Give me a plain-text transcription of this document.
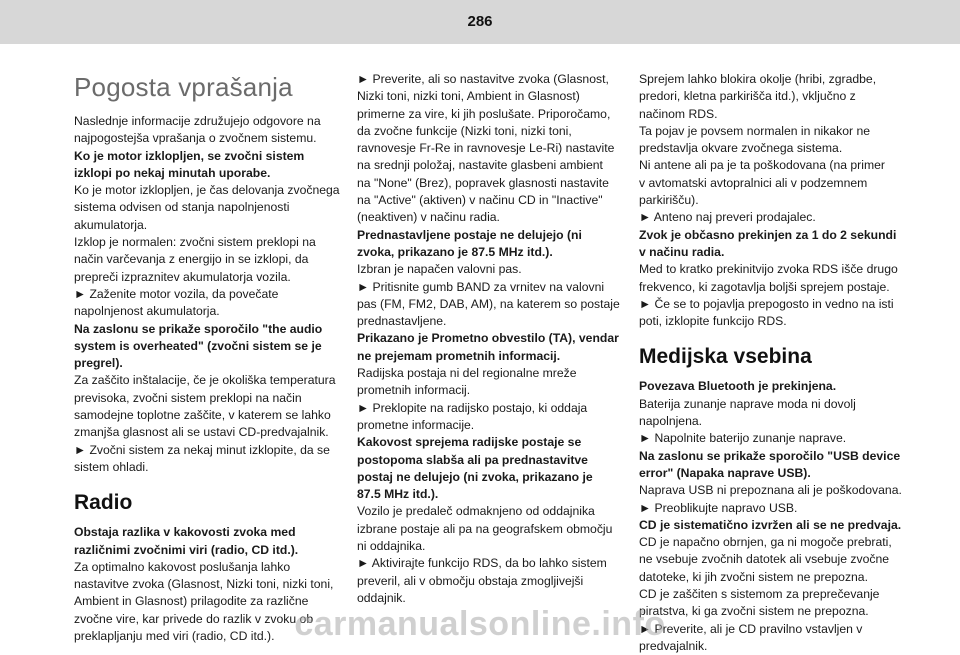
286
Pogosta vprašanja

Naslednje informacije združujejo odgovore na

najpogostejša vprašanja o zvočnem sistemu.

Ko je motor izklopljen, se zvočni sistem

izklopi po nekaj minutah uporabe.

Ko je motor izklopljen, je čas delovanja zvočnega

sistema odvisen od stanja napolnjenosti

akumulatorja.

Izklop je normalen: zvočni sistem preklopi na

način varčevanja z energijo in se izklopi, da

prepreči izpraznitev akumulatorja vozila.

► Zaženite motor vozila, da povečate

napolnjenost akumulatorja.

Na zaslonu se prikaže sporočilo "the audio

system is overheated" (zvočni sistem se je

pregrel).

Za zaščito inštalacije, če je okoliška temperatura

previsoka, zvočni sistem preklopi na način

samodejne toplotne zaščite, v katerem se lahko

zmanjša glasnost ali se ustavi CD-predvajalnik.

► Zvočni sistem za nekaj minut izklopite, da se

sistem ohladi.

Radio

Obstaja razlika v kakovosti zvoka med

različnimi zvočnimi viri (radio, CD itd.).

Za optimalno kakovost poslušanja lahko

nastavitve zvoka (Glasnost, Nizki toni, nizki toni,

Ambient in Glasnost) prilagodite za različne

zvočne vire, kar privede do razlik v zvoku ob

preklapljanju med viri (radio, CD itd.).

► Preverite, ali so nastavitve zvoka (Glasnost,

Nizki toni, nizki toni, Ambient in Glasnost)

primerne za vire, ki jih poslušate. Priporočamo,

da zvočne funkcije (Nizki toni, nizki toni,

ravnovesje Fr-Re in ravnovesje Le-Ri) nastavite

na srednji položaj, nastavite glasbeni ambient

na "None" (Brez), popravek glasnosti nastavite

na "Active" (aktiven) v načinu CD in "Inactive"

(neaktiven) v načinu radia.

Prednastavljene postaje ne delujejo (ni

zvoka, prikazano je 87.5 MHz itd.).

Izbran je napačen valovni pas.

► Pritisnite gumb BAND za vrnitev na valovni

pas (FM, FM2, DAB, AM), na katerem so postaje

prednastavljene.

Prikazano je Prometno obvestilo (TA), vendar

ne prejemam prometnih informacij.

Radijska postaja ni del regionalne mreže

prometnih informacij.

► Preklopite na radijsko postajo, ki oddaja

prometne informacije.

Kakovost sprejema radijske postaje se

postopoma slabša ali pa prednastavitve

postaj ne delujejo (ni zvoka, prikazano je

87.5 MHz itd.).

Vozilo je predaleč odmaknjeno od oddajnika

izbrane postaje ali pa na geografskem območju

ni oddajnika.

► Aktivirajte funkcijo RDS, da bo lahko sistem

preveril, ali v območju obstaja zmogljivejši

oddajnik.

Sprejem lahko blokira okolje (hribi, zgradbe,

predori, kletna parkirišča itd.), vključno z

načinom RDS.

Ta pojav je povsem normalen in nikakor ne

predstavlja okvare zvočnega sistema.

Ni antene ali pa je ta poškodovana (na primer

v avtomatski avtopralnici ali v podzemnem

parkirišču).

► Anteno naj preveri prodajalec.

Zvok je občasno prekinjen za 1 do 2 sekundi

v načinu radia.

Med to kratko prekinitvijo zvoka RDS išče drugo

frekvenco, ki zagotavlja boljši sprejem postaje.

► Če se to pojavlja prepogosto in vedno na isti

poti, izklopite funkcijo RDS.

Medijska vsebina

Povezava Bluetooth je prekinjena.

Baterija zunanje naprave moda ni dovolj

napolnjena.

► Napolnite baterijo zunanje naprave.

Na zaslonu se prikaže sporočilo "USB device

error" (Napaka naprave USB).

Naprava USB ni prepoznana ali je poškodovana.

► Preoblikujte napravo USB.

CD je sistematično izvržen ali se ne predvaja.

CD je napačno obrnjen, ga ni mogoče prebrati,

ne vsebuje zvočnih datotek ali vsebuje zvočne

datoteke, ki jih zvočni sistem ne prepozna.

CD je zaščiten s sistemom za preprečevanje

piratstva, ki ga zvočni sistem ne prepozna.

► Preverite, ali je CD pravilno vstavljen v

predvajalnik.

carmanualsonline.info
